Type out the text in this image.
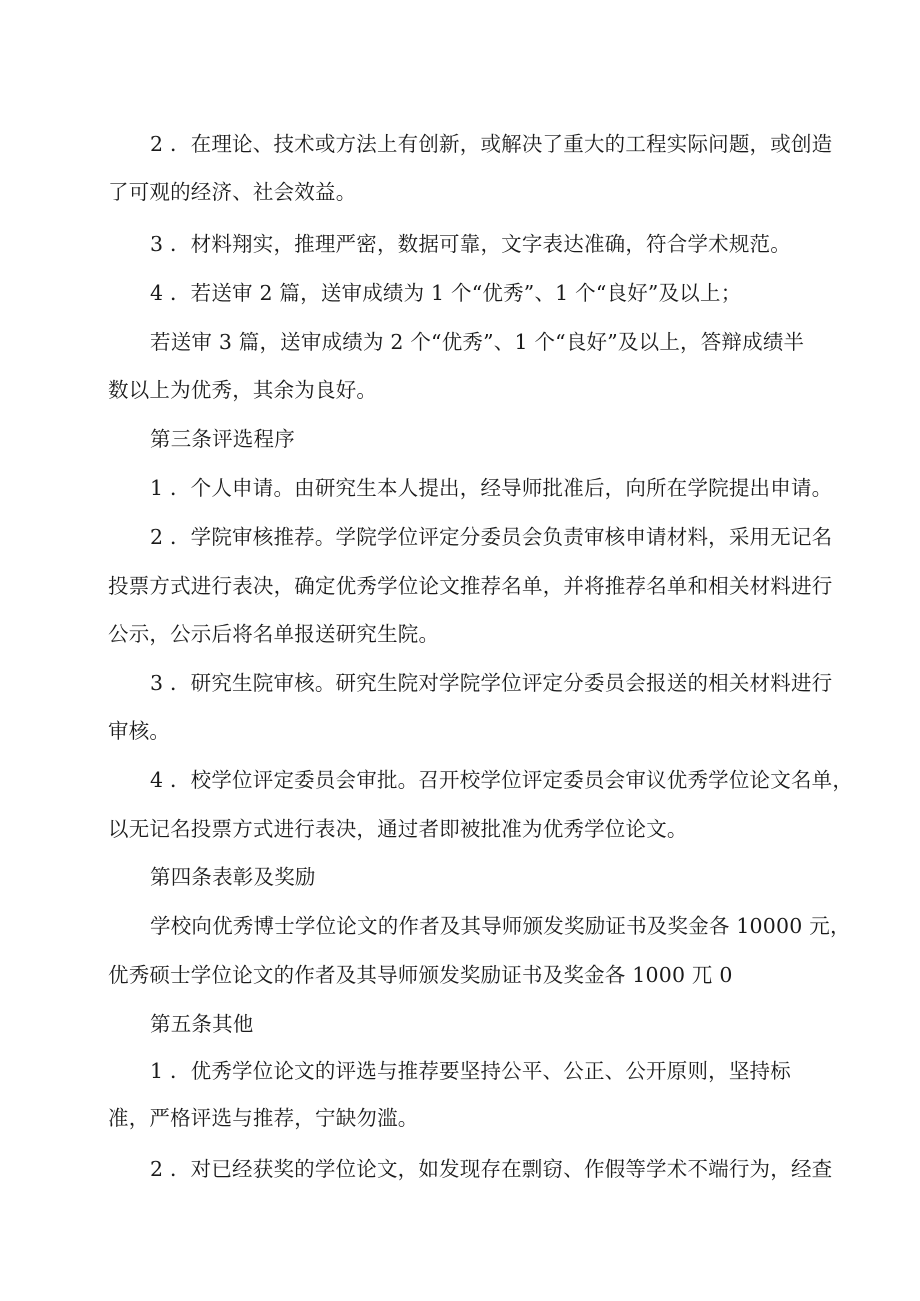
2 ．在理论、技术或方法上有创新，或解决了重大的工程实际问题，或创造
了可观的经济、社会效益。
3 ．材料翔实，推理严密，数据可靠，文字表达准确，符合学术规范。
4 ．若送审 2 篇，送审成绩为 1 个“优秀”、1 个“良好”及以上；
若送审 3 篇，送审成绩为 2 个“优秀”、1 个“良好”及以上，答辩成绩半
数以上为优秀，其余为良好。
第三条评选程序
1 ．个人申请。由研究生本人提出，经导师批准后，向所在学院提出申请。
2 ．学院审核推荐。学院学位评定分委员会负责审核申请材料，采用无记名
投票方式进行表决，确定优秀学位论文推荐名单，并将推荐名单和相关材料进行
公示，公示后将名单报送研究生院。
3 ．研究生院审核。研究生院对学院学位评定分委员会报送的相关材料进行
审核。
4 ．校学位评定委员会审批。召开校学位评定委员会审议优秀学位论文名单，
以无记名投票方式进行表决，通过者即被批准为优秀学位论文。
第四条表彰及奖励
学校向优秀博士学位论文的作者及其导师颁发奖励证书及奖金各 10000 元，
优秀硕士学位论文的作者及其导师颁发奖励证书及奖金各 1000 兀 0
第五条其他
1 ．优秀学位论文的评选与推荐要坚持公平、公正、公开原则，坚持标
准，严格评选与推荐，宁缺勿滥。
2 ．对已经获奖的学位论文，如发现存在剽窃、作假等学术不端行为，经查
